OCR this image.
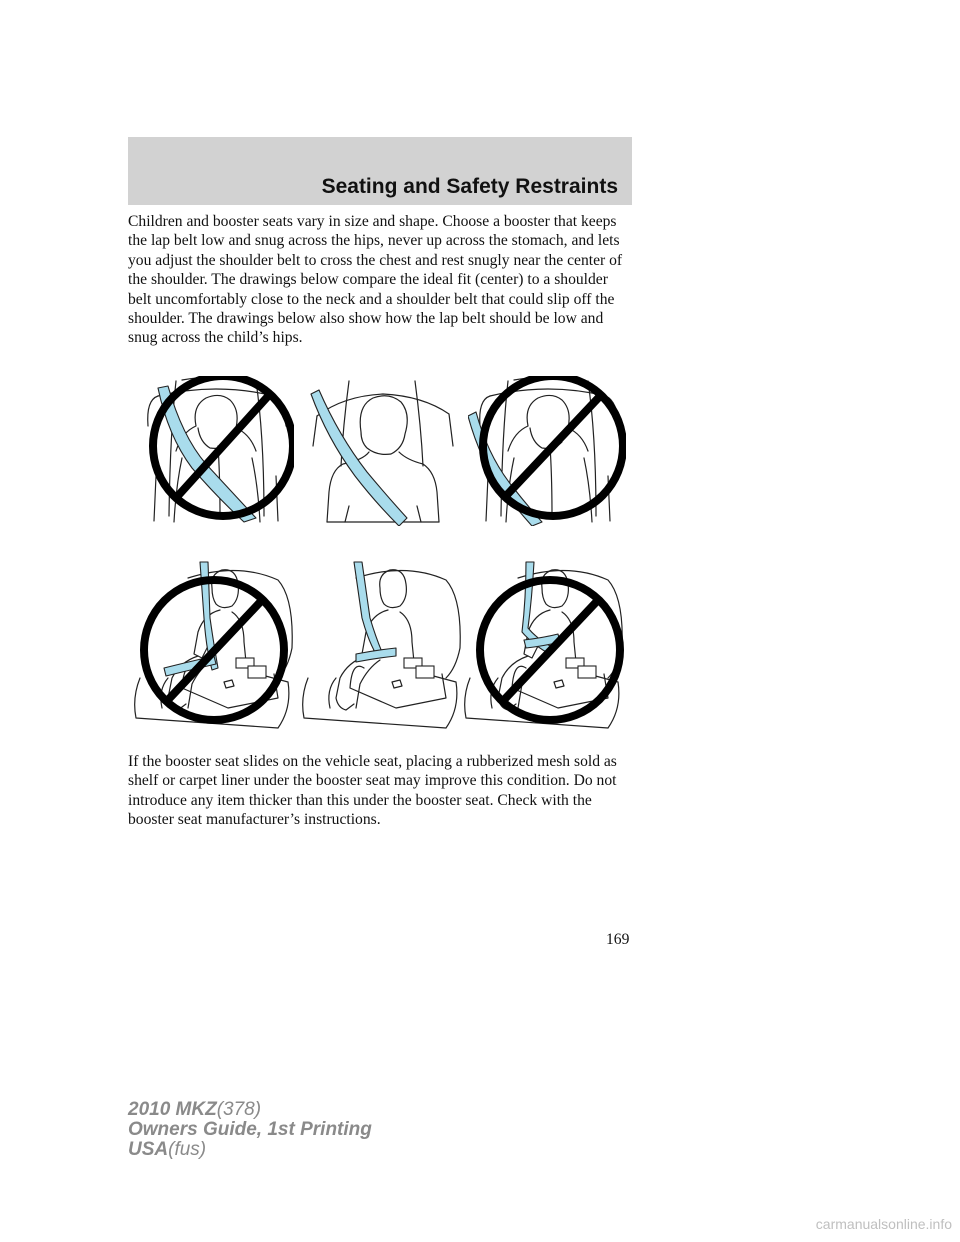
Seating and Safety Restraints

Children and booster seats vary in size and shape. Choose a booster that keeps the lap belt low and snug across the hips, never up across the stomach, and lets you adjust the shoulder belt to cross the chest and rest snugly near the center of the shoulder. The drawings below compare the ideal fit (center) to a shoulder belt uncomfortably close to the neck and a shoulder belt that could slip off the shoulder. The drawings below also show how the lap belt should be low and snug across the child’s hips.

If the booster seat slides on the vehicle seat, placing a rubberized mesh sold as shelf or carpet liner under the booster seat may improve this condition. Do not introduce any item thicker than this under the booster seat. Check with the booster seat manufacturer’s instructions.

169
2010 MKZ(378)
Owners Guide, 1st Printing
USA(fus)
carmanualsonline.info
